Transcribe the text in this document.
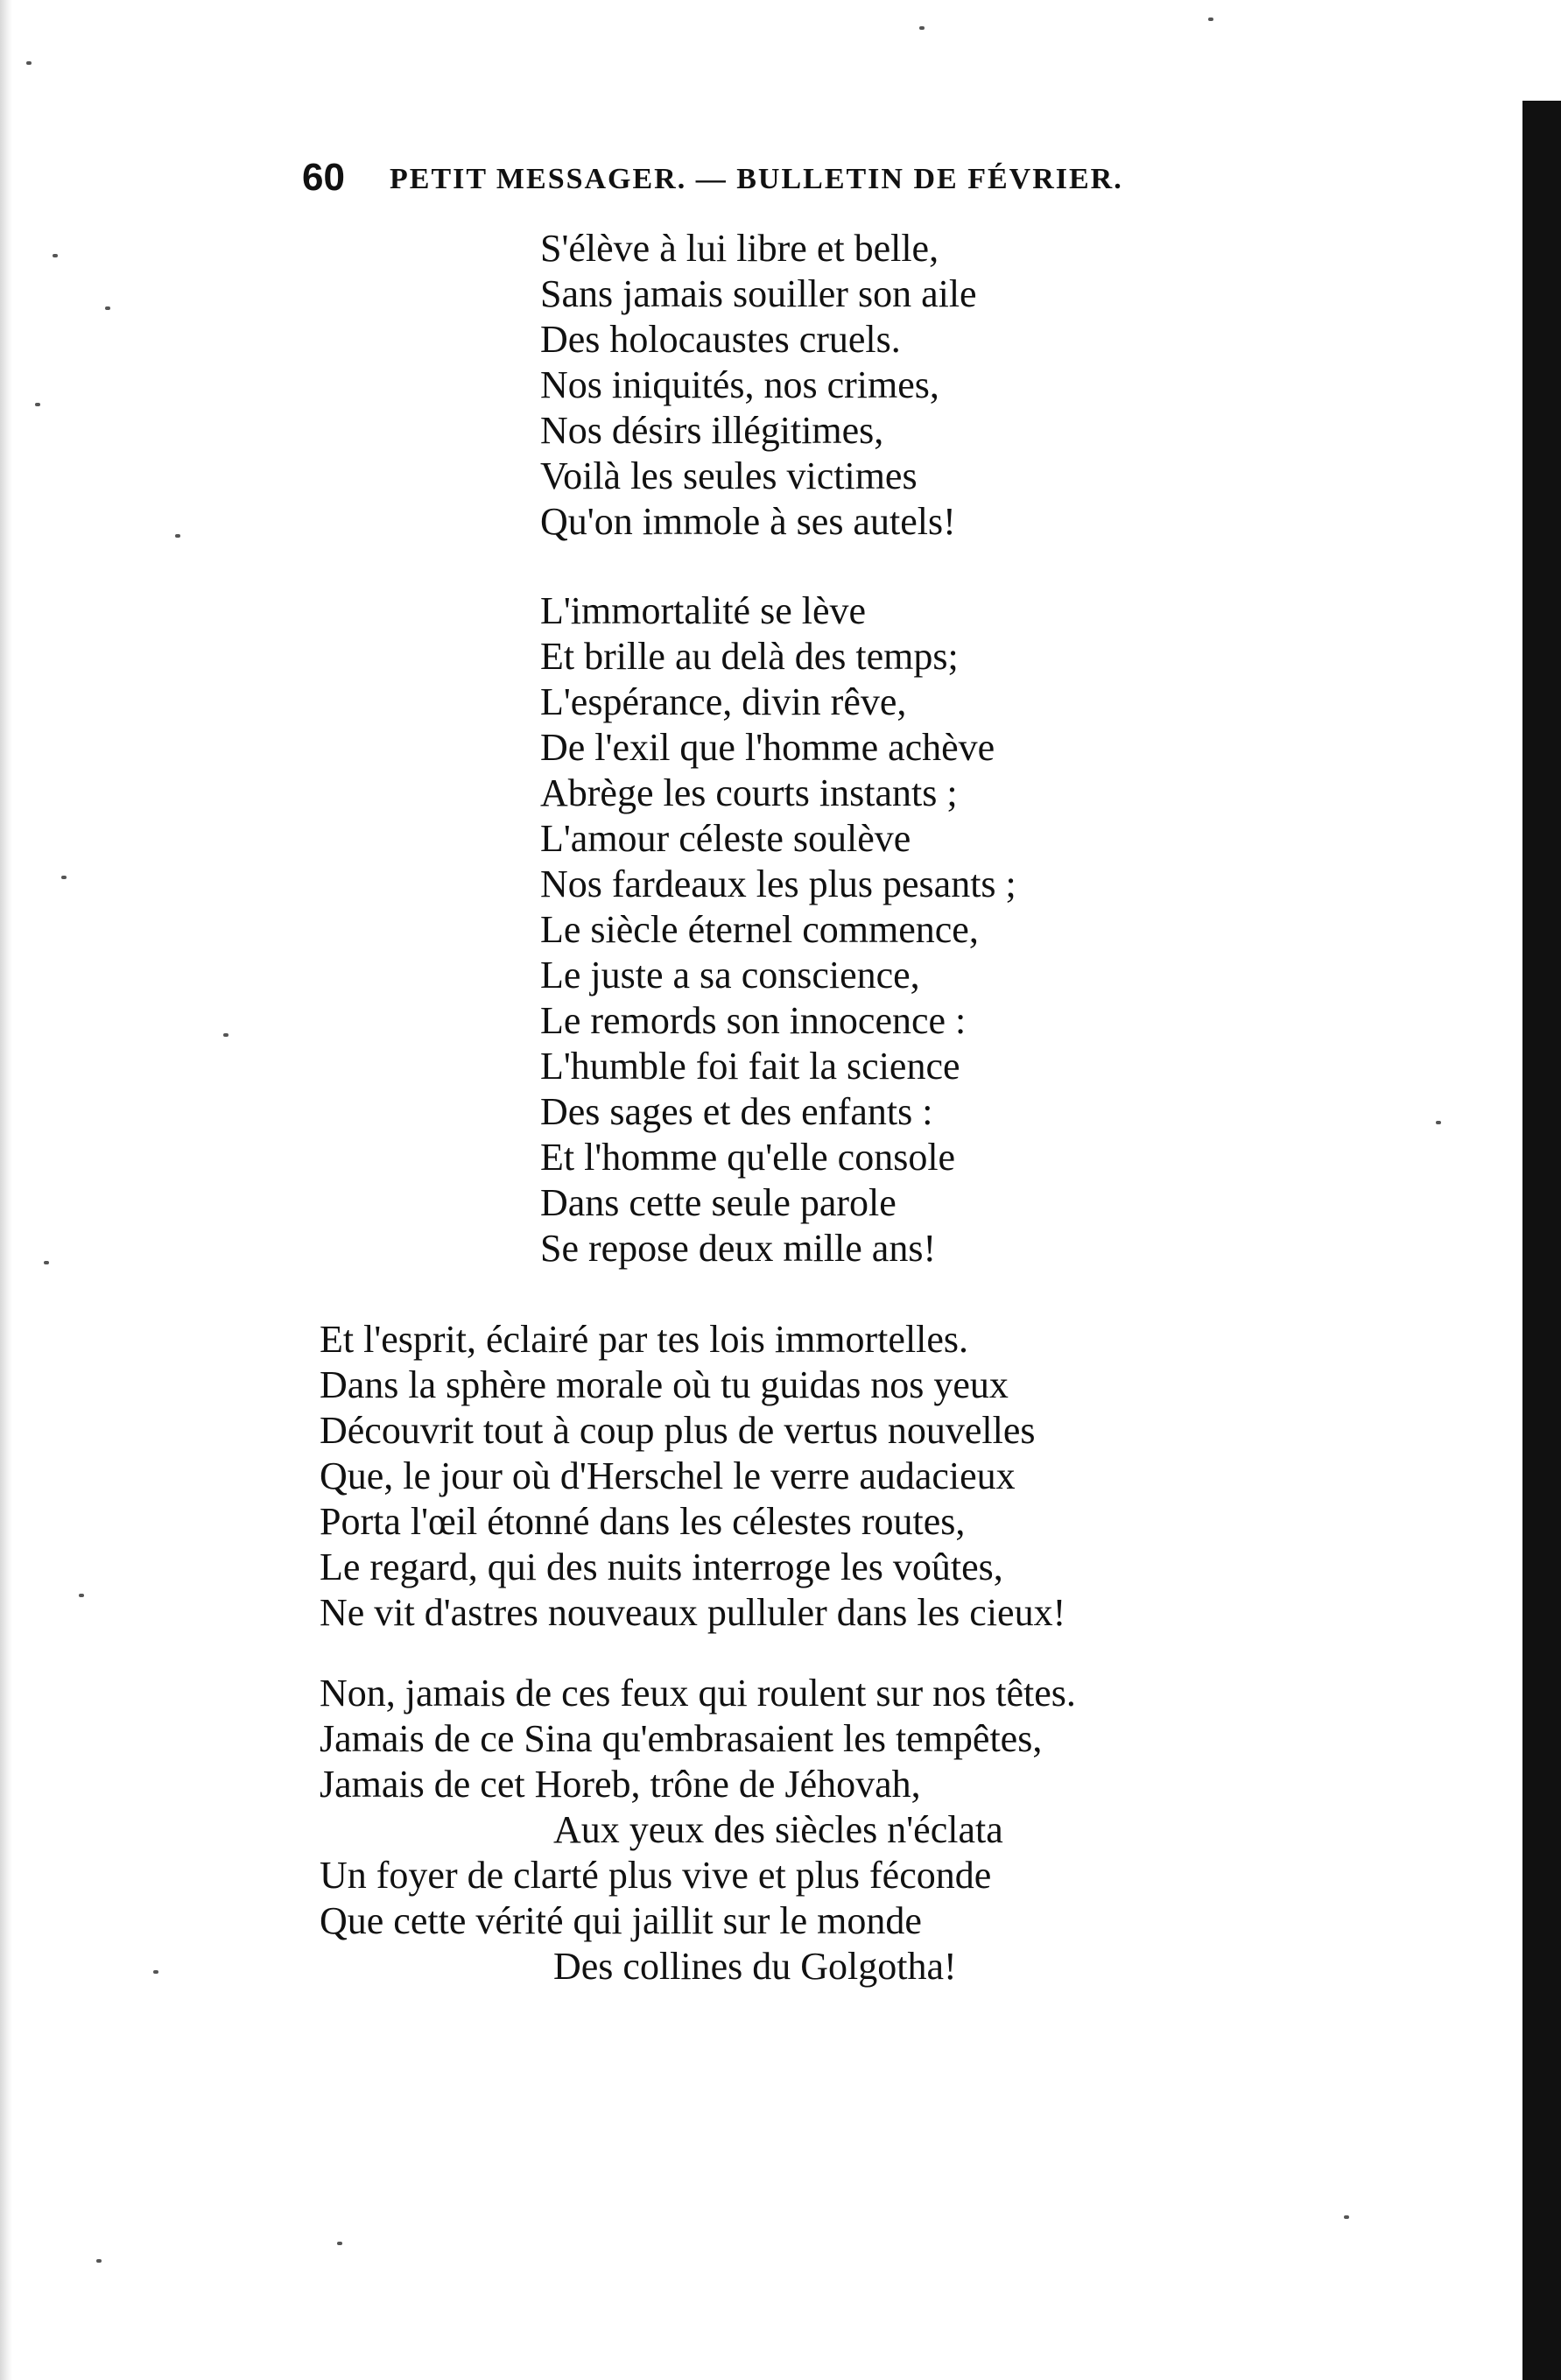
60 PETIT MESSAGER. — BULLETIN DE FÉVRIER.
S'élève à lui libre et belle,
Sans jamais souiller son aile
Des holocaustes cruels.
Nos iniquités, nos crimes,
Nos désirs illégitimes,
Voilà les seules victimes
Qu'on immole à ses autels!
L'immortalité se lève
Et brille au delà des temps;
L'espérance, divin rêve,
De l'exil que l'homme achève
Abrège les courts instants ;
L'amour céleste soulève
Nos fardeaux les plus pesants ;
Le siècle éternel commence,
Le juste a sa conscience,
Le remords son innocence :
L'humble foi fait la science
Des sages et des enfants :
Et l'homme qu'elle console
Dans cette seule parole
Se repose deux mille ans!
Et l'esprit, éclairé par tes lois immortelles.
Dans la sphère morale où tu guidas nos yeux
Découvrit tout à coup plus de vertus nouvelles
Que, le jour où d'Herschel le verre audacieux
Porta l'œil étonné dans les célestes routes,
Le regard, qui des nuits interroge les voûtes,
Ne vit d'astres nouveaux pulluler dans les cieux!
Non, jamais de ces feux qui roulent sur nos têtes.
Jamais de ce Sina qu'embrasaient les tempêtes,
Jamais de cet Horeb, trône de Jéhovah,
Aux yeux des siècles n'éclata
Un foyer de clarté plus vive et plus féconde
Que cette vérité qui jaillit sur le monde
Des collines du Golgotha!
